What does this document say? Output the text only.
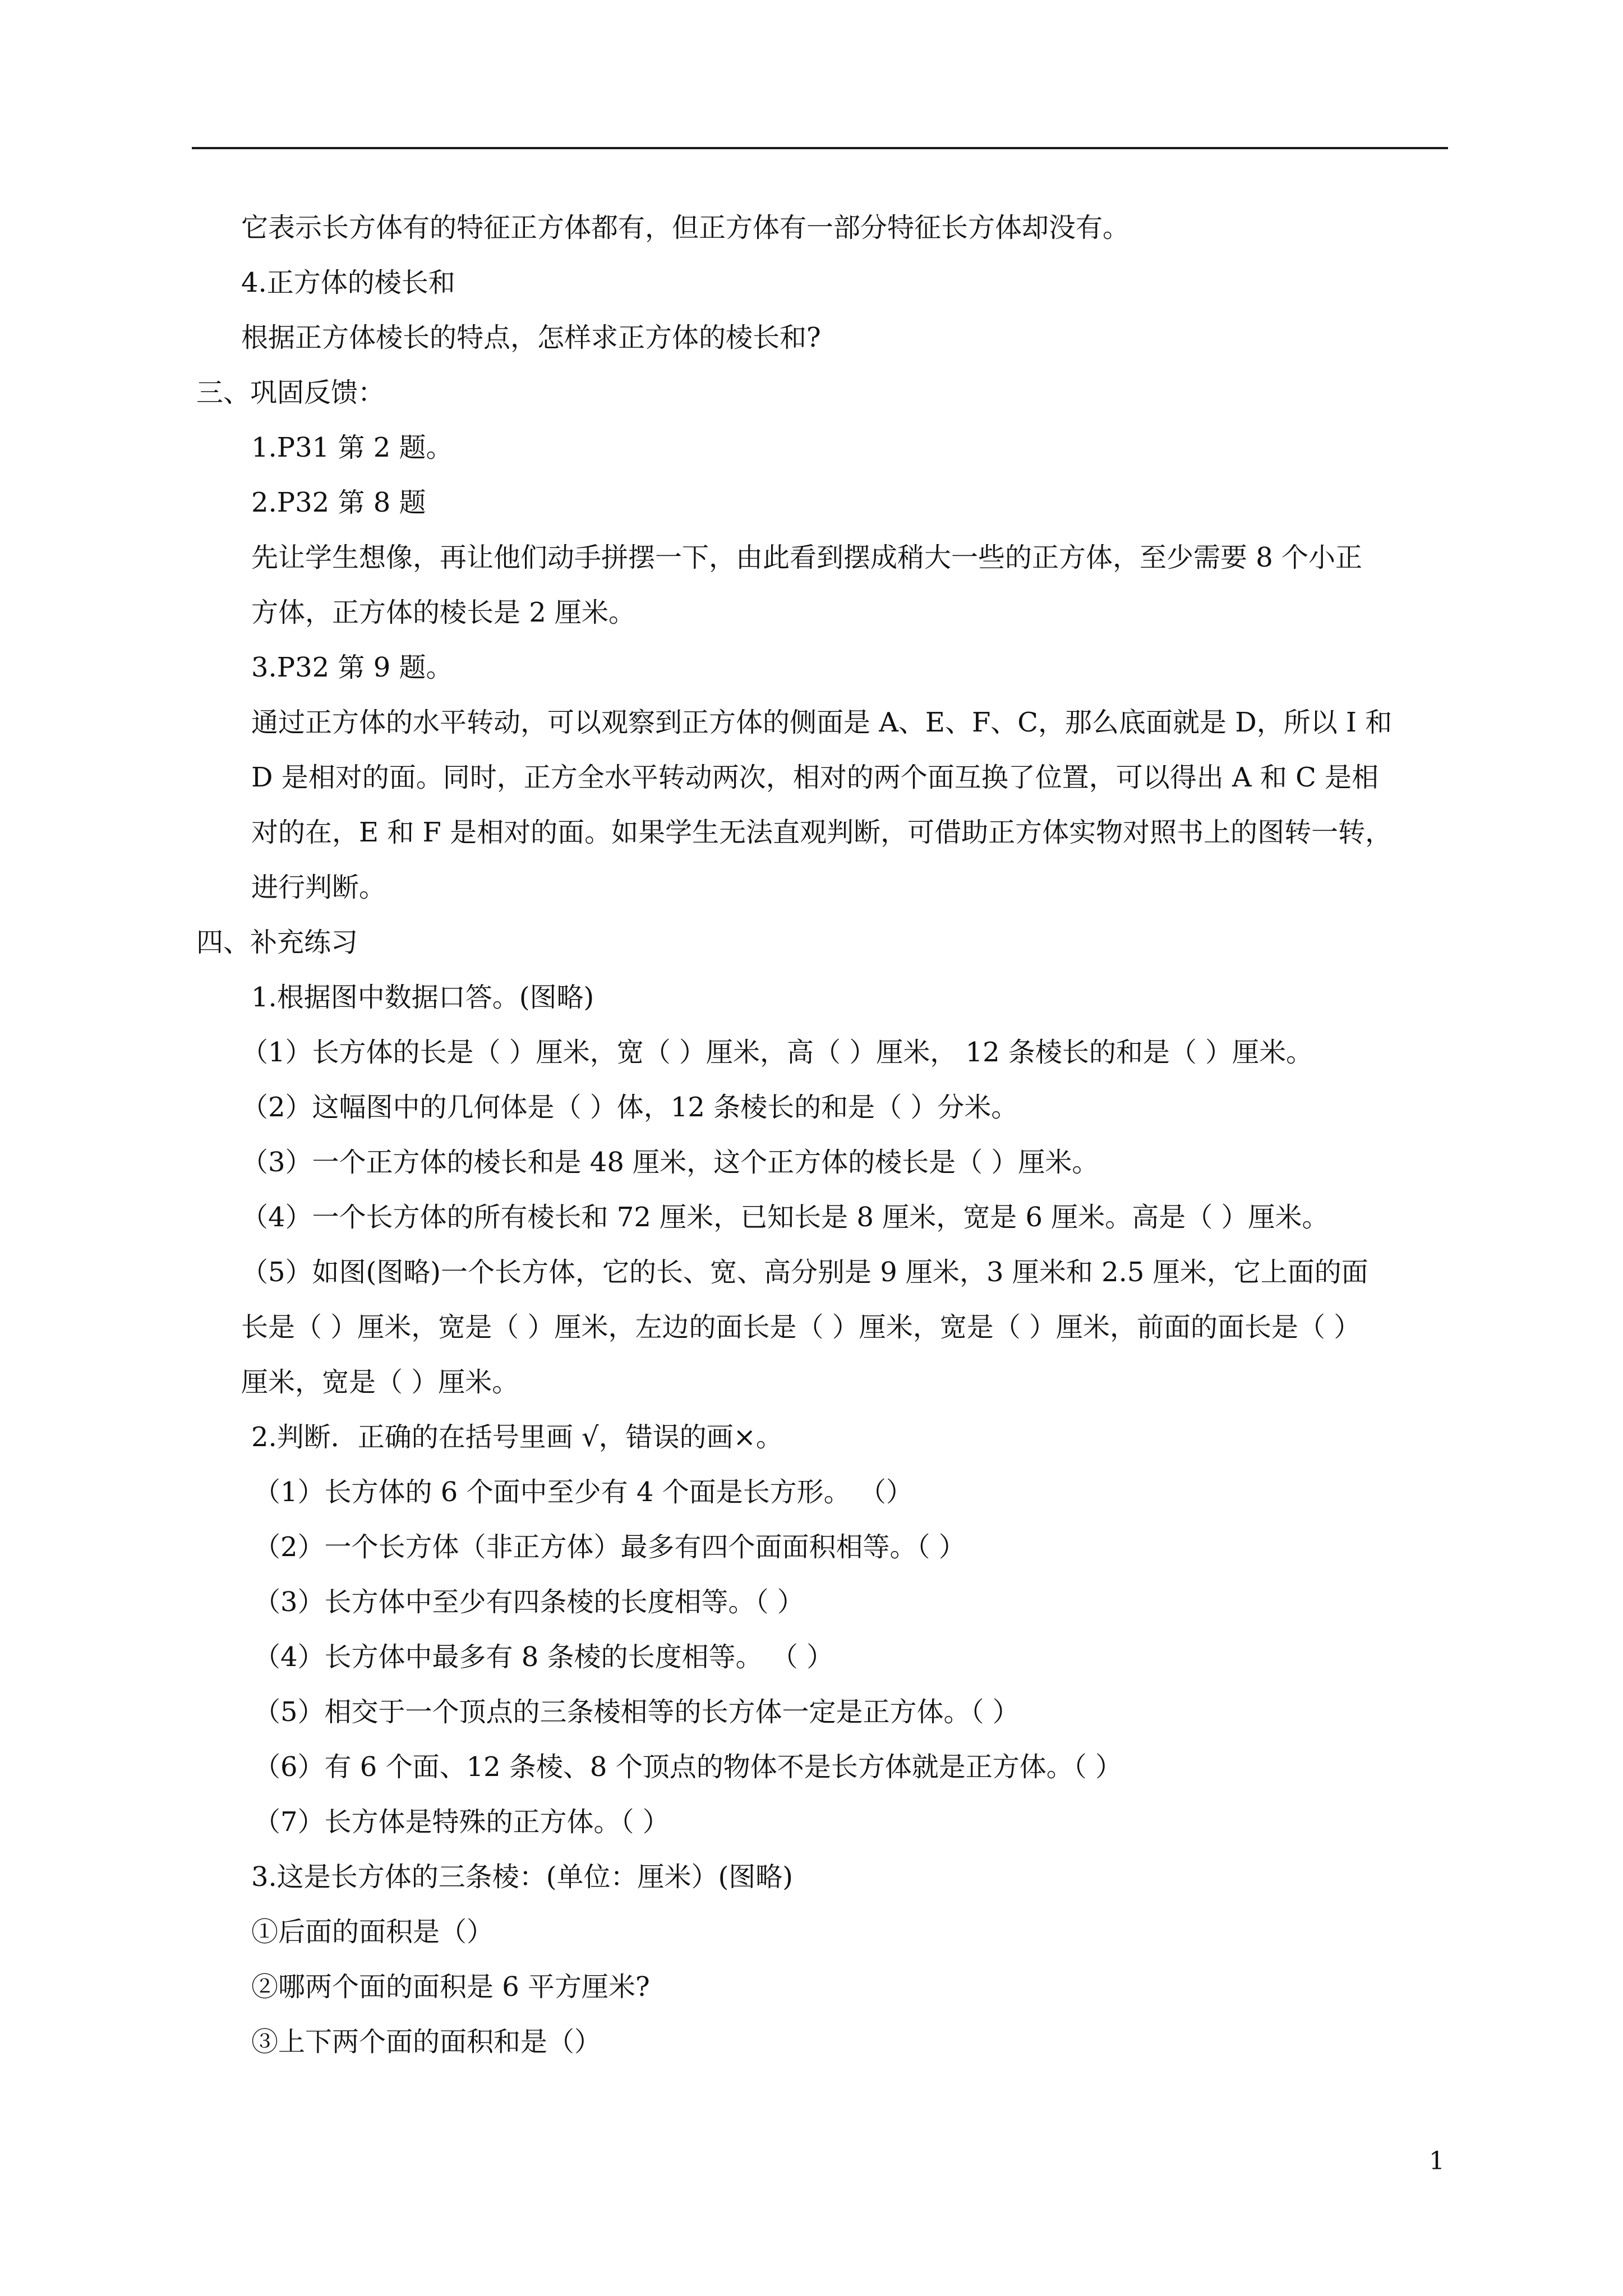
它表示长方体有的特征正方体都有，但正方体有一部分特征长方体却没有。
4.正方体的棱长和
根据正方体棱长的特点，怎样求正方体的棱长和?
三、巩固反馈：
1.P31 第 2 题。
2.P32 第 8 题
先让学生想像，再让他们动手拼摆一下，由此看到摆成稍大一些的正方体，至少需要 8 个小正
方体，正方体的棱长是 2 厘米。
3.P32 第 9 题。
通过正方体的水平转动，可以观察到正方体的侧面是 A、E、F、C，那么底面就是 D，所以 I 和
D 是相对的面。同时，正方全水平转动两次，相对的两个面互换了位置，可以得出 A 和 C 是相
对的在，E 和 F 是相对的面。如果学生无法直观判断，可借助正方体实物对照书上的图转一转，
进行判断。
四、补充练习
1.根据图中数据口答。(图略)
（1）长方体的长是（ ）厘米，宽（ ）厘米，高（ ）厘米， 12 条棱长的和是（ ）厘米。
（2）这幅图中的几何体是（ ）体，12 条棱长的和是（ ）分米。
（3）一个正方体的棱长和是 48 厘米，这个正方体的棱长是（ ）厘米。
（4）一个长方体的所有棱长和 72 厘米，已知长是 8 厘米，宽是 6 厘米。高是（ ）厘米。
（5）如图(图略)一个长方体，它的长、宽、高分别是 9 厘米，3 厘米和 2.5 厘米，它上面的面
长是（ ）厘米，宽是（ ）厘米，左边的面长是（ ）厘米，宽是（ ）厘米，前面的面长是（ ）
厘米，宽是（ ）厘米。
2.判断．正确的在括号里画 √，错误的画×。
（1）长方体的 6 个面中至少有 4 个面是长方形。 （）
（2）一个长方体（非正方体）最多有四个面面积相等。（ ）
（3）长方体中至少有四条棱的长度相等。（ ）
（4）长方体中最多有 8 条棱的长度相等。 （ ）
（5）相交于一个顶点的三条棱相等的长方体一定是正方体。（ ）
（6）有 6 个面、12 条棱、8 个顶点的物体不是长方体就是正方体。（ ）
（7）长方体是特殊的正方体。（ ）
3.这是长方体的三条棱：(单位：厘米）(图略)
①后面的面积是（）
②哪两个面的面积是 6 平方厘米?
③上下两个面的面积和是（）
1
